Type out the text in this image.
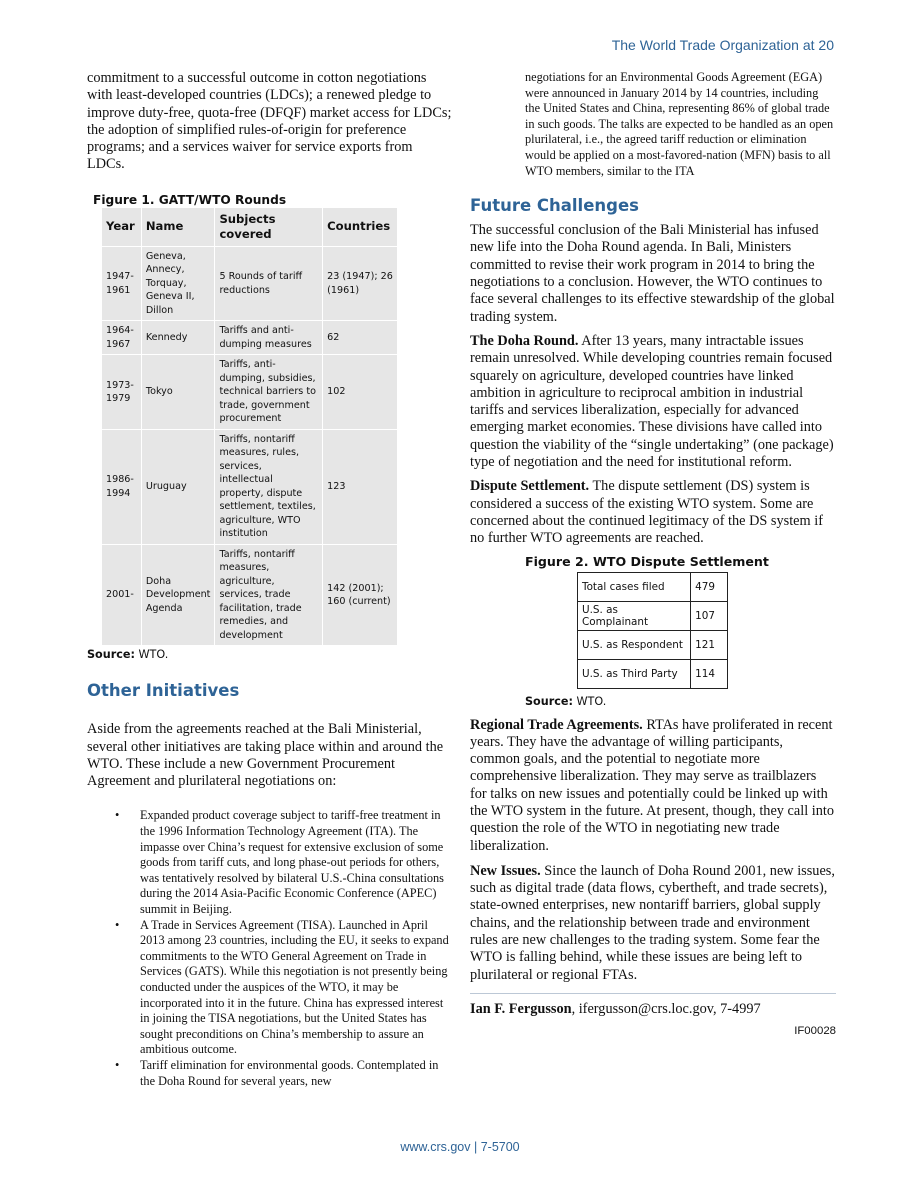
The World Trade Organization at 20

commitment to a successful outcome in cotton negotiations with least-developed countries (LDCs); a renewed pledge to improve duty-free, quota-free (DFQF) market access for LDCs; the adoption of simplified rules-of-origin for preference programs; and a services waiver for service exports from LDCs.

Figure 1. GATT/WTO Rounds
Year	Name	Subjects covered	Countries
1947-1961	Geneva, Annecy, Torquay, Geneva II, Dillon	5 Rounds of tariff reductions	23 (1947); 26 (1961)
1964-1967	Kennedy	Tariffs and anti-dumping measures	62
1973-1979	Tokyo	Tariffs, anti-dumping, subsidies, technical barriers to trade, government procurement	102
1986-1994	Uruguay	Tariffs, nontariff measures, rules, services, intellectual property, dispute settlement, textiles, agriculture, WTO institution	123
2001-	Doha Development Agenda	Tariffs, nontariff measures, agriculture, services, trade facilitation, trade remedies, and development	142 (2001); 160 (current)
Source: WTO.
Other Initiatives

Aside from the agreements reached at the Bali Ministerial, several other initiatives are taking place within and around the WTO. These include a new Government Procurement Agreement and plurilateral negotiations on:

• Expanded product coverage subject to tariff-free treatment in the 1996 Information Technology Agreement (ITA). The impasse over China’s request for extensive exclusion of some goods from tariff cuts, and long phase-out periods for others, was tentatively resolved by bilateral U.S.-China consultations during the 2014 Asia-Pacific Economic Conference (APEC) summit in Beijing.
• A Trade in Services Agreement (TISA). Launched in April 2013 among 23 countries, including the EU, it seeks to expand commitments to the WTO General Agreement on Trade in Services (GATS). While this negotiation is not presently being conducted under the auspices of the WTO, it may be incorporated into it in the future. China has expressed interest in joining the TISA negotiations, but the United States has sought preconditions on China’s membership to assure an ambitious outcome.
• Tariff elimination for environmental goods. Contemplated in the Doha Round for several years, new

negotiations for an Environmental Goods Agreement (EGA) were announced in January 2014 by 14 countries, including the United States and China, representing 86% of global trade in such goods. The talks are expected to be handled as an open plurilateral, i.e., the agreed tariff reduction or elimination would be applied on a most-favored-nation (MFN) basis to all WTO members, similar to the ITA

Future Challenges

The successful conclusion of the Bali Ministerial has infused new life into the Doha Round agenda. In Bali, Ministers committed to revise their work program in 2014 to bring the negotiations to a conclusion. However, the WTO continues to face several challenges to its effective stewardship of the global trading system.

The Doha Round. After 13 years, many intractable issues remain unresolved. While developing countries remain focused squarely on agriculture, developed countries have linked ambition in agriculture to reciprocal ambition in industrial tariffs and services liberalization, especially for advanced emerging market economies. These divisions have called into question the viability of the “single undertaking” (one package) type of negotiation and the need for institutional reform.

Dispute Settlement. The dispute settlement (DS) system is considered a success of the existing WTO system. Some are concerned about the continued legitimacy of the DS system if no further WTO agreements are reached.

Figure 2. WTO Dispute Settlement
Total cases filed	479
U.S. as Complainant	107
U.S. as Respondent	121
U.S. as Third Party	114
Source: WTO.

Regional Trade Agreements. RTAs have proliferated in recent years. They have the advantage of willing participants, common goals, and the potential to negotiate more comprehensive liberalization. They may serve as trailblazers for talks on new issues and potentially could be linked up with the WTO system in the future. At present, though, they call into question the role of the WTO in negotiating new trade liberalization.

New Issues. Since the launch of Doha Round 2001, new issues, such as digital trade (data flows, cybertheft, and trade secrets), state-owned enterprises, new nontariff barriers, global supply chains, and the relationship between trade and environment rules are new challenges to the trading system. Some fear the WTO is falling behind, while these issues are being left to plurilateral or regional FTAs.

Ian F. Fergusson, ifergusson@crs.loc.gov, 7-4997

IF00028
www.crs.gov | 7-5700
